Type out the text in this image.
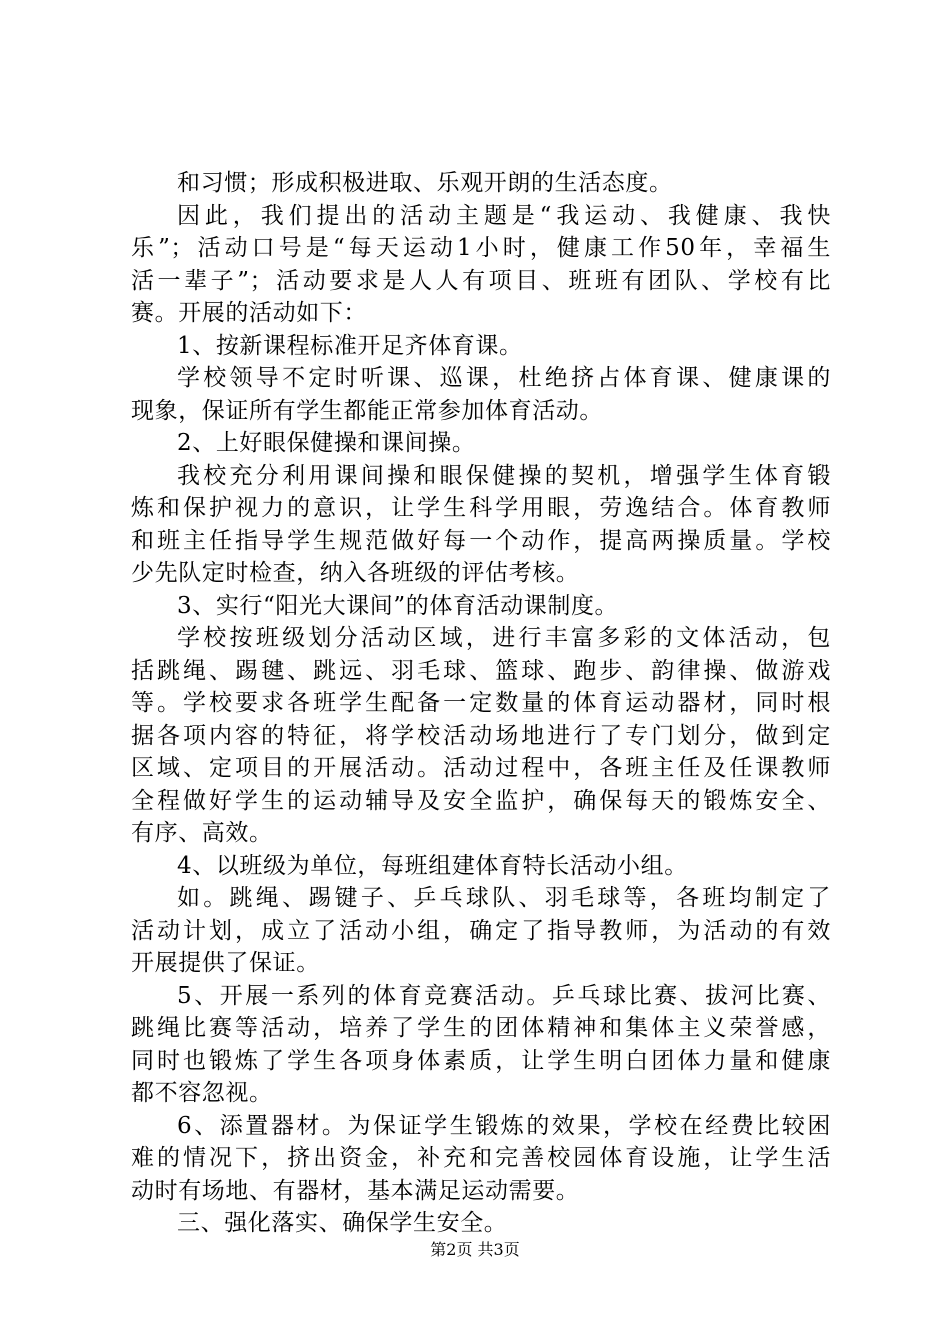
和习惯；形成积极进取、乐观开朗的生活态度。
因此，我们提出的活动主题是“我运动、我健康、我快
乐”；活动口号是“每天运动1小时，健康工作50年，幸福生
活一辈子”；活动要求是人人有项目、班班有团队、学校有比
赛。开展的活动如下：
1、按新课程标准开足齐体育课。
学校领导不定时听课、巡课，杜绝挤占体育课、健康课的
现象，保证所有学生都能正常参加体育活动。
2、上好眼保健操和课间操。
我校充分利用课间操和眼保健操的契机，增强学生体育锻
炼和保护视力的意识，让学生科学用眼，劳逸结合。体育教师
和班主任指导学生规范做好每一个动作，提高两操质量。学校
少先队定时检查，纳入各班级的评估考核。
3、实行“阳光大课间”的体育活动课制度。
学校按班级划分活动区域，进行丰富多彩的文体活动，包
括跳绳、踢毽、跳远、羽毛球、篮球、跑步、韵律操、做游戏
等。学校要求各班学生配备一定数量的体育运动器材，同时根
据各项内容的特征，将学校活动场地进行了专门划分，做到定
区域、定项目的开展活动。活动过程中，各班主任及任课教师
全程做好学生的运动辅导及安全监护，确保每天的锻炼安全、
有序、高效。
4、以班级为单位，每班组建体育特长活动小组。
如。跳绳、踢键子、乒乓球队、羽毛球等，各班均制定了
活动计划，成立了活动小组，确定了指导教师，为活动的有效
开展提供了保证。
5、开展一系列的体育竞赛活动。乒乓球比赛、拔河比赛、
跳绳比赛等活动，培养了学生的团体精神和集体主义荣誉感，
同时也锻炼了学生各项身体素质，让学生明白团体力量和健康
都不容忽视。
6、添置器材。为保证学生锻炼的效果，学校在经费比较困
难的情况下，挤出资金，补充和完善校园体育设施，让学生活
动时有场地、有器材，基本满足运动需要。
三、强化落实、确保学生安全。
第2页 共3页
